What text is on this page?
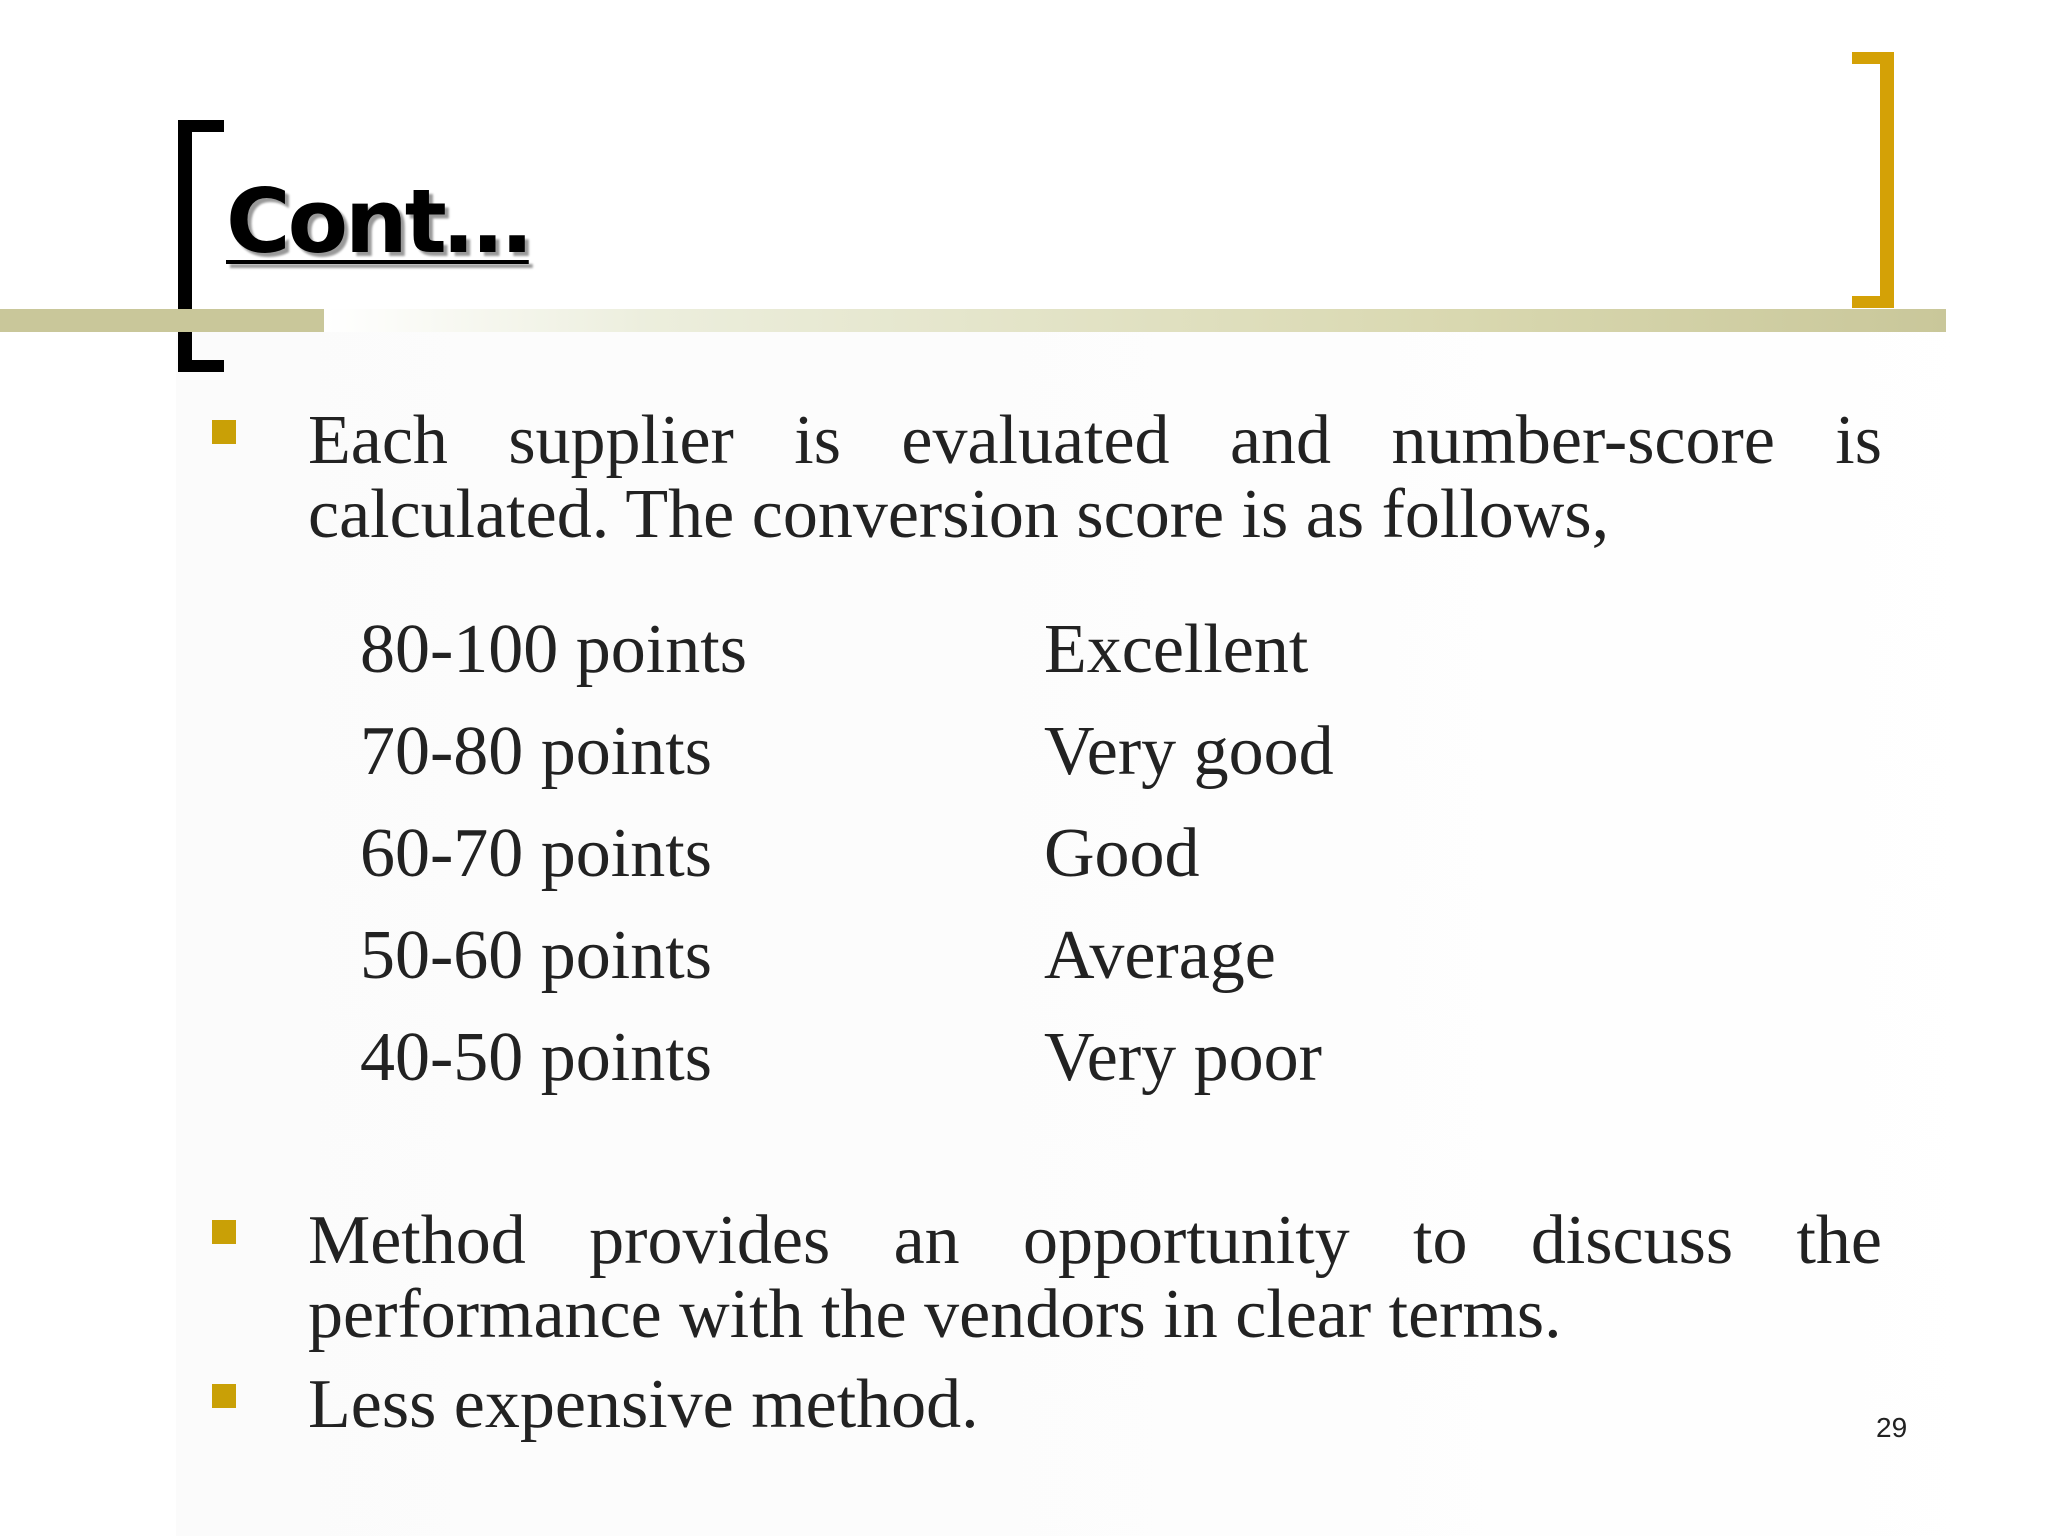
Cont…

Each supplier is evaluated and number-score is calculated. The conversion score is as follows,

80-100 points	Excellent
70-80 points	Very good
60-70 points	Good
50-60 points	Average
40-50 points	Very poor

Method provides an opportunity to discuss the performance with the vendors in clear terms.

Less expensive method.	29
